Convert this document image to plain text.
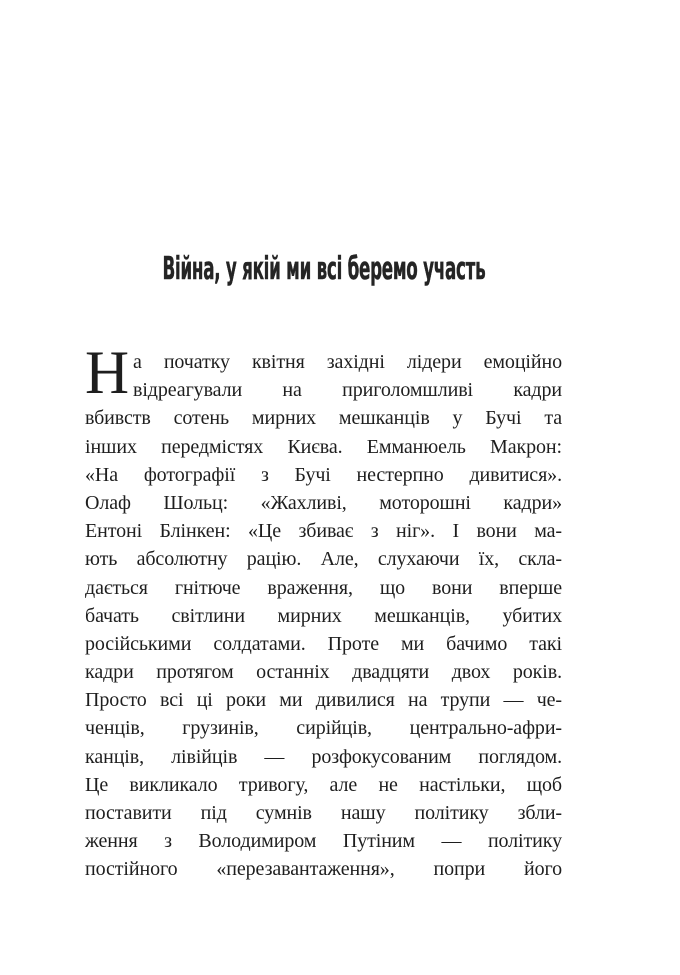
Війна, у якій ми всі беремо участь
Н а початку квітня західні лідери емоційно
відреагували на приголомшливі кадри
вбивств сотень мирних мешканців у Бучі та
інших передмістях Києва. Емманюель Макрон:
«На фотографії з Бучі нестерпно дивитися».
Олаф Шольц: «Жахливі, моторошні кадри»
Ентоні Блінкен: «Це збиває з ніг». І вони ма-
ють абсолютну рацію. Але, слухаючи їх, скла-
дається гнітюче враження, що вони вперше
бачать світлини мирних мешканців, убитих
російськими солдатами. Проте ми бачимо такі
кадри протягом останніх двадцяти двох років.
Просто всі ці роки ми дивилися на трупи — че-
ченців, грузинів, сирійців, центрально-афри-
канців, лівійців — розфокусованим поглядом.
Це викликало тривогу, але не настільки, щоб
поставити під сумнів нашу політику збли-
ження з Володимиром Путіним — політику
постійного «перезавантаження», попри його
